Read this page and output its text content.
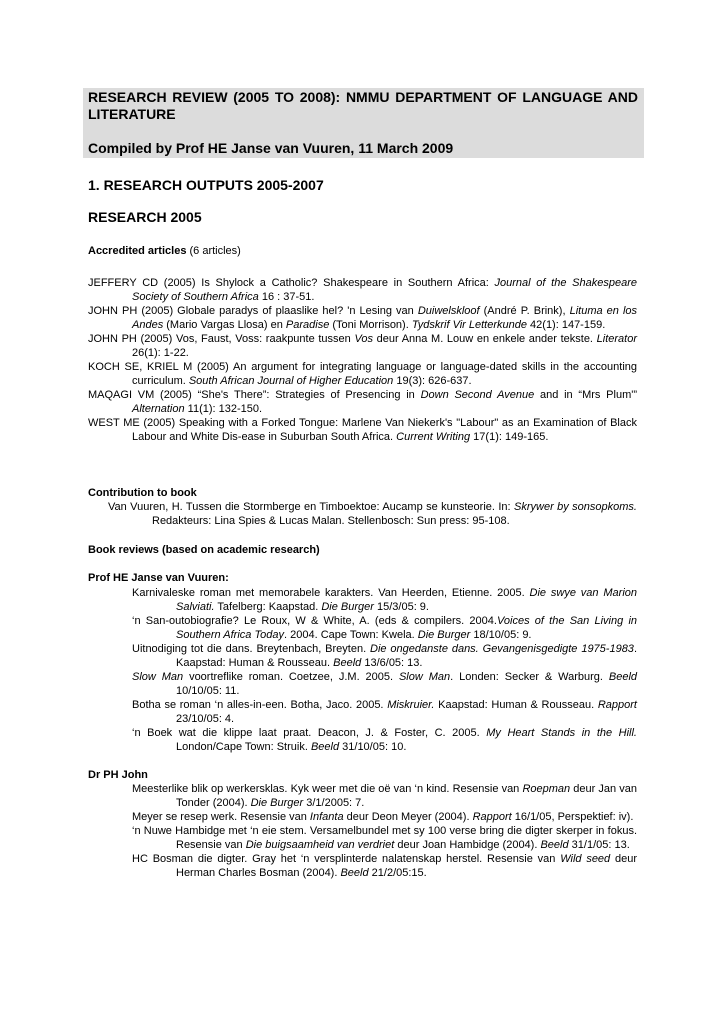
RESEARCH REVIEW (2005 TO 2008): NMMU DEPARTMENT OF LANGUAGE AND LITERATURE
Compiled by Prof HE Janse van Vuuren, 11 March 2009
1. RESEARCH OUTPUTS 2005-2007
RESEARCH 2005
Accredited articles (6 articles)
JEFFERY CD (2005) Is Shylock a Catholic? Shakespeare in Southern Africa: Journal of the Shakespeare Society of Southern Africa 16 : 37-51.
JOHN PH (2005) Globale paradys of plaaslike hel? 'n Lesing van Duiwelskloof (André P. Brink), Lituma en los Andes (Mario Vargas Llosa) en Paradise (Toni Morrison). Tydskrif Vir Letterkunde 42(1): 147-159.
JOHN PH (2005) Vos, Faust, Voss: raakpunte tussen Vos deur Anna M. Louw en enkele ander tekste. Literator 26(1): 1-22.
KOCH SE, KRIEL M (2005) An argument for integrating language or language-dated skills in the accounting curriculum. South African Journal of Higher Education 19(3): 626-637.
MAQAGI VM (2005) “She's There”: Strategies of Presencing in Down Second Avenue and in “Mrs Plum'” Alternation 11(1): 132-150.
WEST ME (2005) Speaking with a Forked Tongue: Marlene Van Niekerk's "Labour" as an Examination of Black Labour and White Dis-ease in Suburban South Africa. Current Writing 17(1): 149-165.
Contribution to book
Van Vuuren, H. Tussen die Stormberge en Timboektoe: Aucamp se kunsteorie. In: Skrywer by sonsopkoms. Redakteurs: Lina Spies & Lucas Malan. Stellenbosch: Sun press: 95-108.
Book reviews (based on academic research)
Prof HE Janse van Vuuren:
Karnivaleske roman met memorabele karakters. Van Heerden, Etienne. 2005. Die swye van Marion Salviati. Tafelberg: Kaapstad. Die Burger 15/3/05: 9.
‘n San-outobiografie? Le Roux, W & White, A. (eds & compilers. 2004.Voices of the San Living in Southern Africa Today. 2004. Cape Town: Kwela. Die Burger 18/10/05: 9.
Uitnodiging tot die dans. Breytenbach, Breyten. Die ongedanste dans. Gevangenisgedigte 1975-1983. Kaapstad: Human & Rousseau. Beeld 13/6/05: 13.
Slow Man voortreflike roman. Coetzee, J.M. 2005. Slow Man. Londen: Secker & Warburg. Beeld 10/10/05: 11.
Botha se roman ‘n alles-in-een. Botha, Jaco. 2005. Miskruier. Kaapstad: Human & Rousseau. Rapport 23/10/05: 4.
‘n Boek wat die klippe laat praat. Deacon, J. & Foster, C. 2005. My Heart Stands in the Hill. London/Cape Town: Struik. Beeld 31/10/05: 10.
Dr PH John
Meesterlike blik op werkersklas. Kyk weer met die oë van ‘n kind. Resensie van Roepman deur Jan van Tonder (2004). Die Burger 3/1/2005: 7.
Meyer se resep werk. Resensie van Infanta deur Deon Meyer (2004). Rapport 16/1/05, Perspektief: iv).
‘n Nuwe Hambidge met ‘n eie stem. Versamelbundel met sy 100 verse bring die digter skerper in fokus. Resensie van Die buigsaamheid van verdriet deur Joan Hambidge (2004). Beeld 31/1/05: 13.
HC Bosman die digter. Gray het ‘n versplinterde nalatenskap herstel. Resensie van Wild seed deur Herman Charles Bosman (2004). Beeld 21/2/05:15.
